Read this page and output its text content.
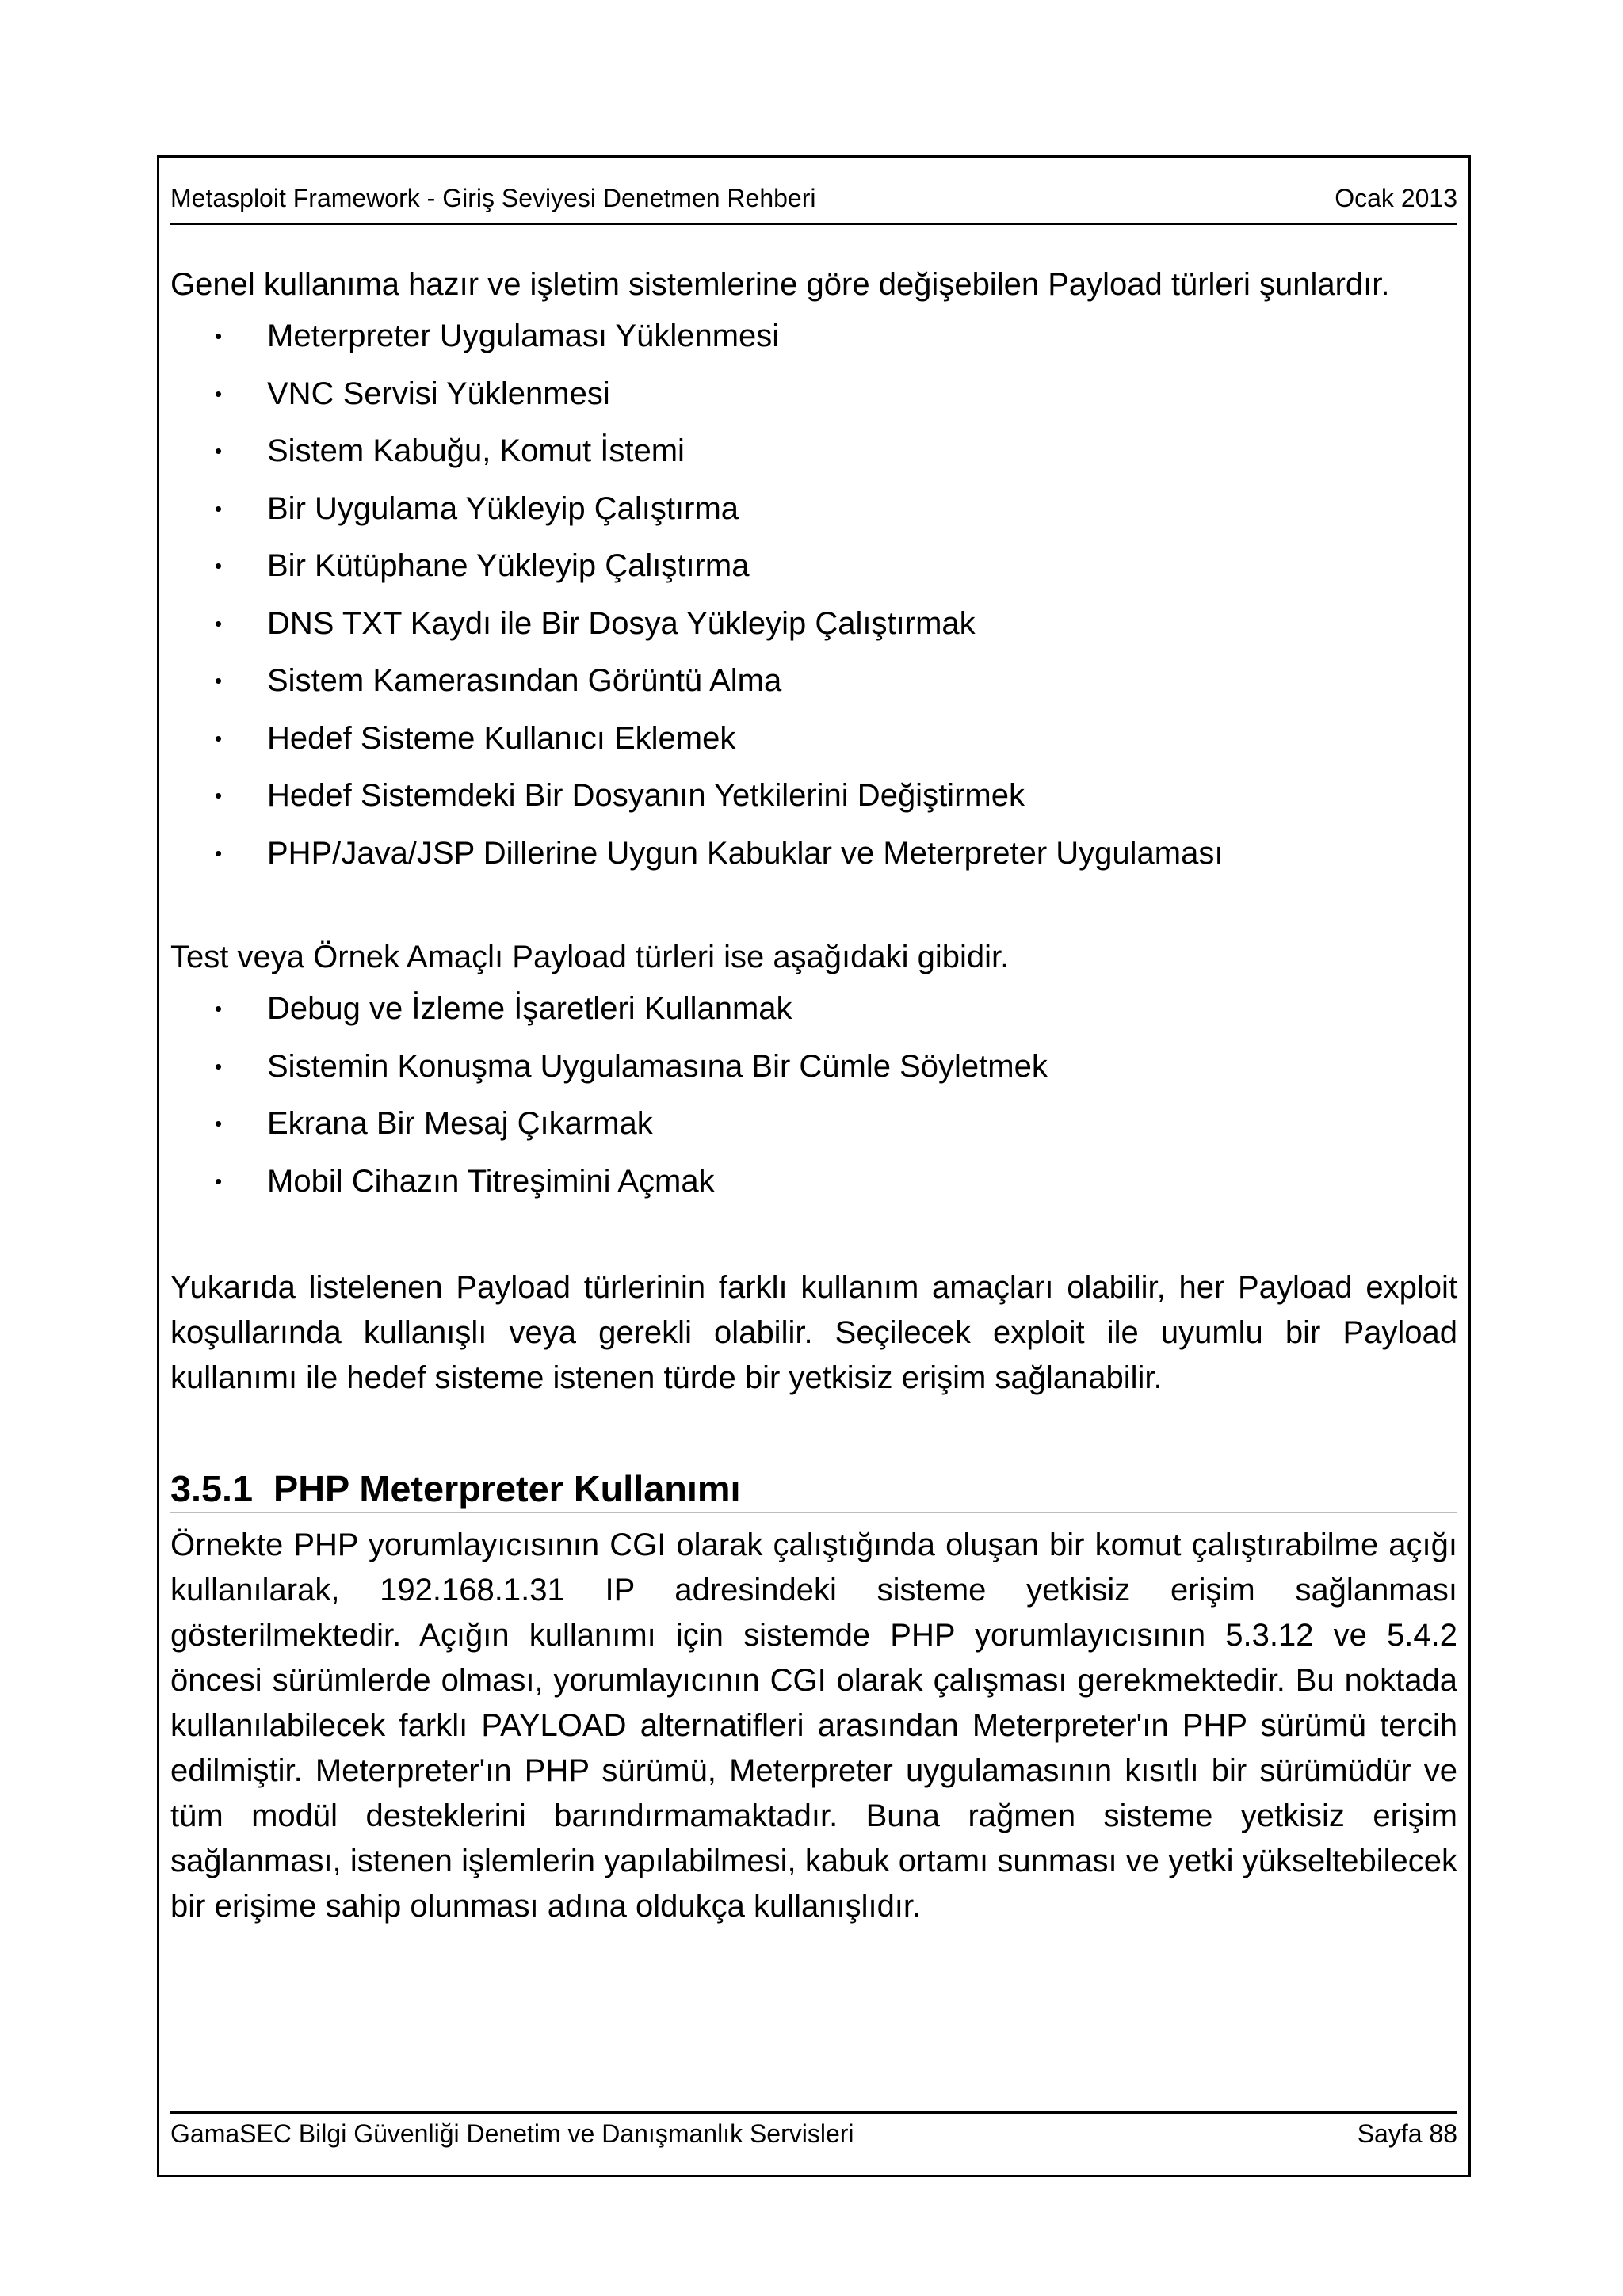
Metasploit Framework - Giriş Seviyesi Denetmen Rehberi	Ocak 2013

Genel kullanıma hazır ve işletim sistemlerine göre değişebilen Payload türleri şunlardır.

• Meterpreter Uygulaması Yüklenmesi
• VNC Servisi Yüklenmesi
• Sistem Kabuğu, Komut İstemi
• Bir Uygulama Yükleyip Çalıştırma
• Bir Kütüphane Yükleyip Çalıştırma
• DNS TXT Kaydı ile Bir Dosya Yükleyip Çalıştırmak
• Sistem Kamerasından Görüntü Alma
• Hedef Sisteme Kullanıcı Eklemek
• Hedef Sistemdeki Bir Dosyanın Yetkilerini Değiştirmek
• PHP/Java/JSP Dillerine Uygun Kabuklar ve Meterpreter Uygulaması

Test veya Örnek Amaçlı Payload türleri ise aşağıdaki gibidir.

• Debug ve İzleme İşaretleri Kullanmak
• Sistemin Konuşma Uygulamasına Bir Cümle Söyletmek
• Ekrana Bir Mesaj Çıkarmak
• Mobil Cihazın Titreşimini Açmak

Yukarıda listelenen Payload türlerinin farklı kullanım amaçları olabilir, her Payload exploit koşullarında kullanışlı veya gerekli olabilir. Seçilecek exploit ile uyumlu bir Payload kullanımı ile hedef sisteme istenen türde bir yetkisiz erişim sağlanabilir.

3.5.1 PHP Meterpreter Kullanımı

Örnekte PHP yorumlayıcısının CGI olarak çalıştığında oluşan bir komut çalıştırabilme açığı kullanılarak, 192.168.1.31 IP adresindeki sisteme yetkisiz erişim sağlanması gösterilmektedir. Açığın kullanımı için sistemde PHP yorumlayıcısının 5.3.12 ve 5.4.2 öncesi sürümlerde olması, yorumlayıcının CGI olarak çalışması gerekmektedir. Bu noktada kullanılabilecek farklı PAYLOAD alternatifleri arasından Meterpreter'ın PHP sürümü tercih edilmiştir. Meterpreter'ın PHP sürümü, Meterpreter uygulamasının kısıtlı bir sürümüdür ve tüm modül desteklerini barındırmamaktadır. Buna rağmen sisteme yetkisiz erişim sağlanması, istenen işlemlerin yapılabilmesi, kabuk ortamı sunması ve yetki yükseltebilecek bir erişime sahip olunması adına oldukça kullanışlıdır.

GamaSEC Bilgi Güvenliği Denetim ve Danışmanlık Servisleri	Sayfa 88
